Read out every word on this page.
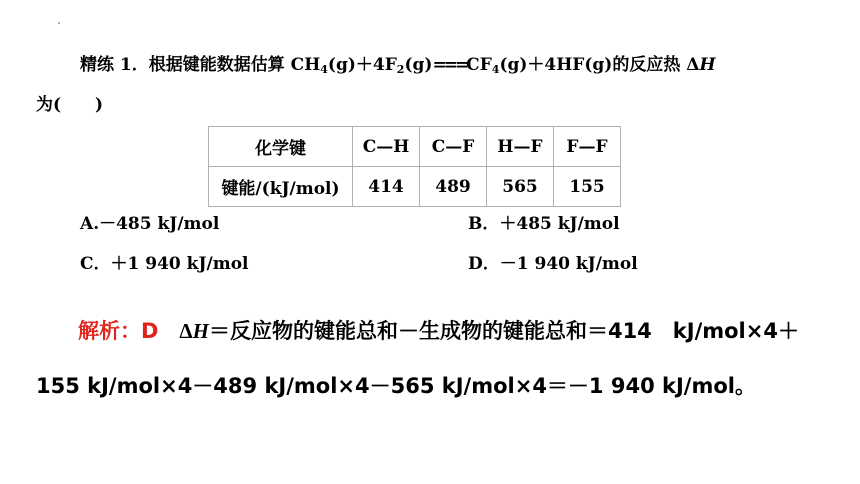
精练 1．根据键能数据估算 $CH_4(g)+4F_2(g)===CF_4(g)+4HF(g)$的反应热 ΔH
为(　　)
化学键	C—H	C—F	H—F	F—F
键能/(kJ/mol)	414	489	565	155
A.－485 kJ/mol	B．＋485 kJ/mol
C．＋1 940 kJ/mol	D．－1 940 kJ/mol
解析：D　ΔH＝反应物的键能总和－生成物的键能总和＝414　kJ/mol×4＋
155 kJ/mol×4－489 kJ/mol×4－565 kJ/mol×4＝－1 940 kJ/mol。
